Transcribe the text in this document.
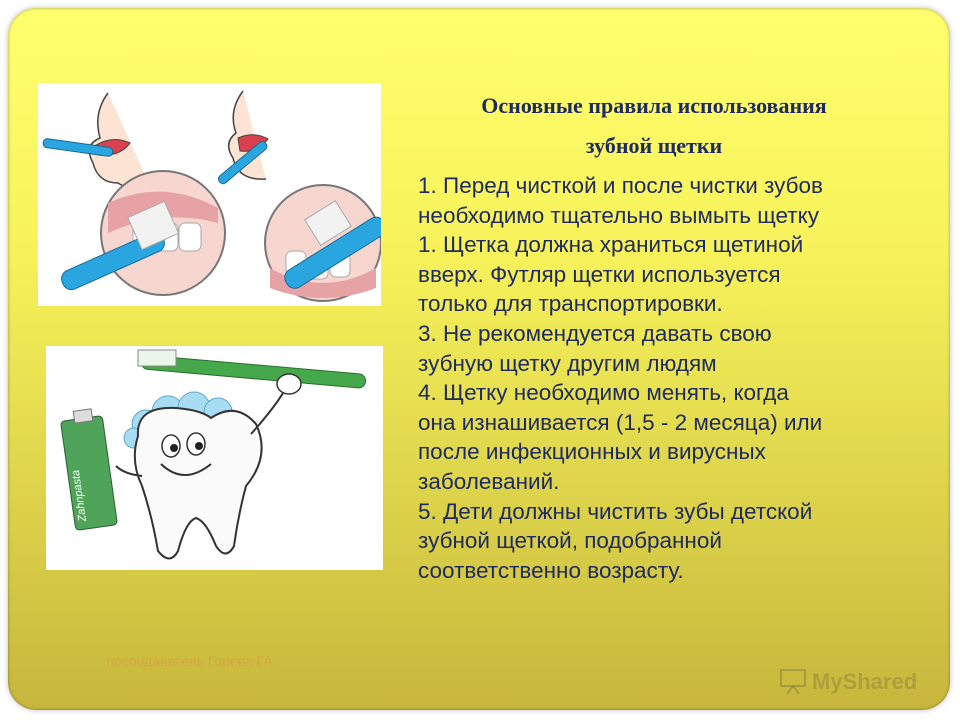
Zahnpasta
Основные правила использования
зубной щетки
1. Перед чисткой и после чистки зубов
необходимо тщательно вымыть щетку
1. Щетка должна храниться щетиной
вверх. Футляр щетки используется
только для транспортировки.
3. Не рекомендуется давать свою
зубную щетку другим людям
4. Щетку необходимо менять, когда
она изнашивается (1,5 - 2 месяца) или
после инфекционных и вирусных
заболеваний.
5. Дети должны чистить зубы детской
зубной щеткой, подобранной
соответственно возрасту.
преподаватель Горева ГА
MyShared
